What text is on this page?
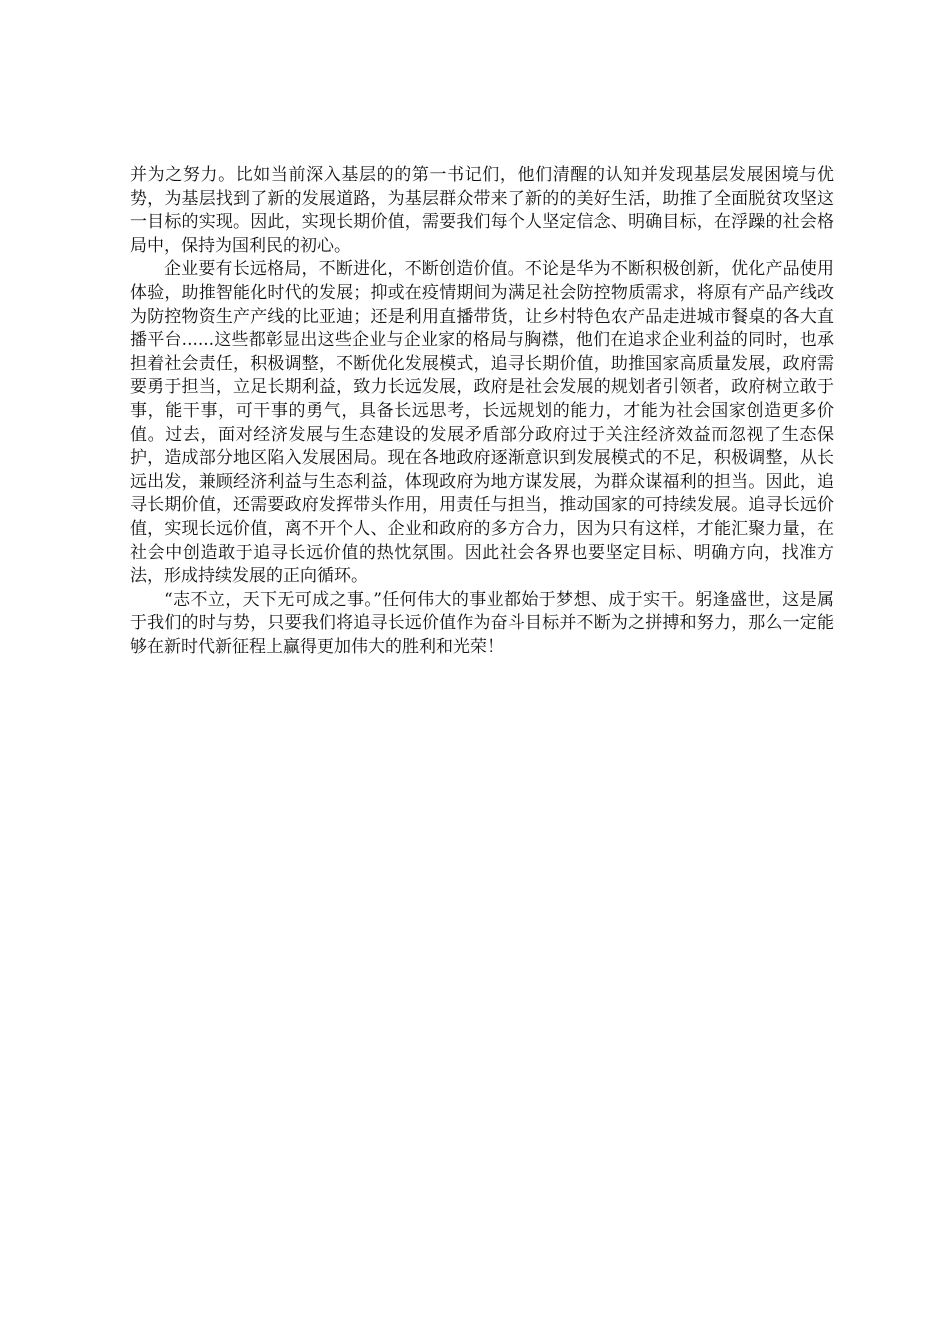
并为之努力。比如当前深入基层的的第一书记们，他们清醒的认知并发现基层发展困境与优势，为基层找到了新的发展道路，为基层群众带来了新的的美好生活，助推了全面脱贫攻坚这一目标的实现。因此，实现长期价值，需要我们每个人坚定信念、明确目标，在浮躁的社会格局中，保持为国利民的初心。

企业要有长远格局，不断进化，不断创造价值。不论是华为不断积极创新，优化产品使用体验，助推智能化时代的发展；抑或在疫情期间为满足社会防控物质需求，将原有产品产线改为防控物资生产产线的比亚迪；还是利用直播带货，让乡村特色农产品走进城市餐桌的各大直播平台......这些都彰显出这些企业与企业家的格局与胸襟，他们在追求企业利益的同时，也承担着社会责任，积极调整，不断优化发展模式，追寻长期价值，助推国家高质量发展，政府需要勇于担当，立足长期利益，致力长远发展，政府是社会发展的规划者引领者，政府树立敢于事，能干事，可干事的勇气，具备长远思考，长远规划的能力，才能为社会国家创造更多价值。过去，面对经济发展与生态建设的发展矛盾部分政府过于关注经济效益而忽视了生态保护，造成部分地区陷入发展困局。现在各地政府逐渐意识到发展模式的不足，积极调整，从长远出发，兼顾经济利益与生态利益，体现政府为地方谋发展，为群众谋福利的担当。因此，追寻长期价值，还需要政府发挥带头作用，用责任与担当，推动国家的可持续发展。追寻长远价值，实现长远价值，离不开个人、企业和政府的多方合力，因为只有这样，才能汇聚力量，在社会中创造敢于追寻长远价值的热忱氛围。因此社会各界也要坚定目标、明确方向，找准方法，形成持续发展的正向循环。

“志不立，天下无可成之事。”任何伟大的事业都始于梦想、成于实干。躬逢盛世，这是属于我们的时与势，只要我们将追寻长远价值作为奋斗目标并不断为之拼搏和努力，那么一定能够在新时代新征程上赢得更加伟大的胜利和光荣！
